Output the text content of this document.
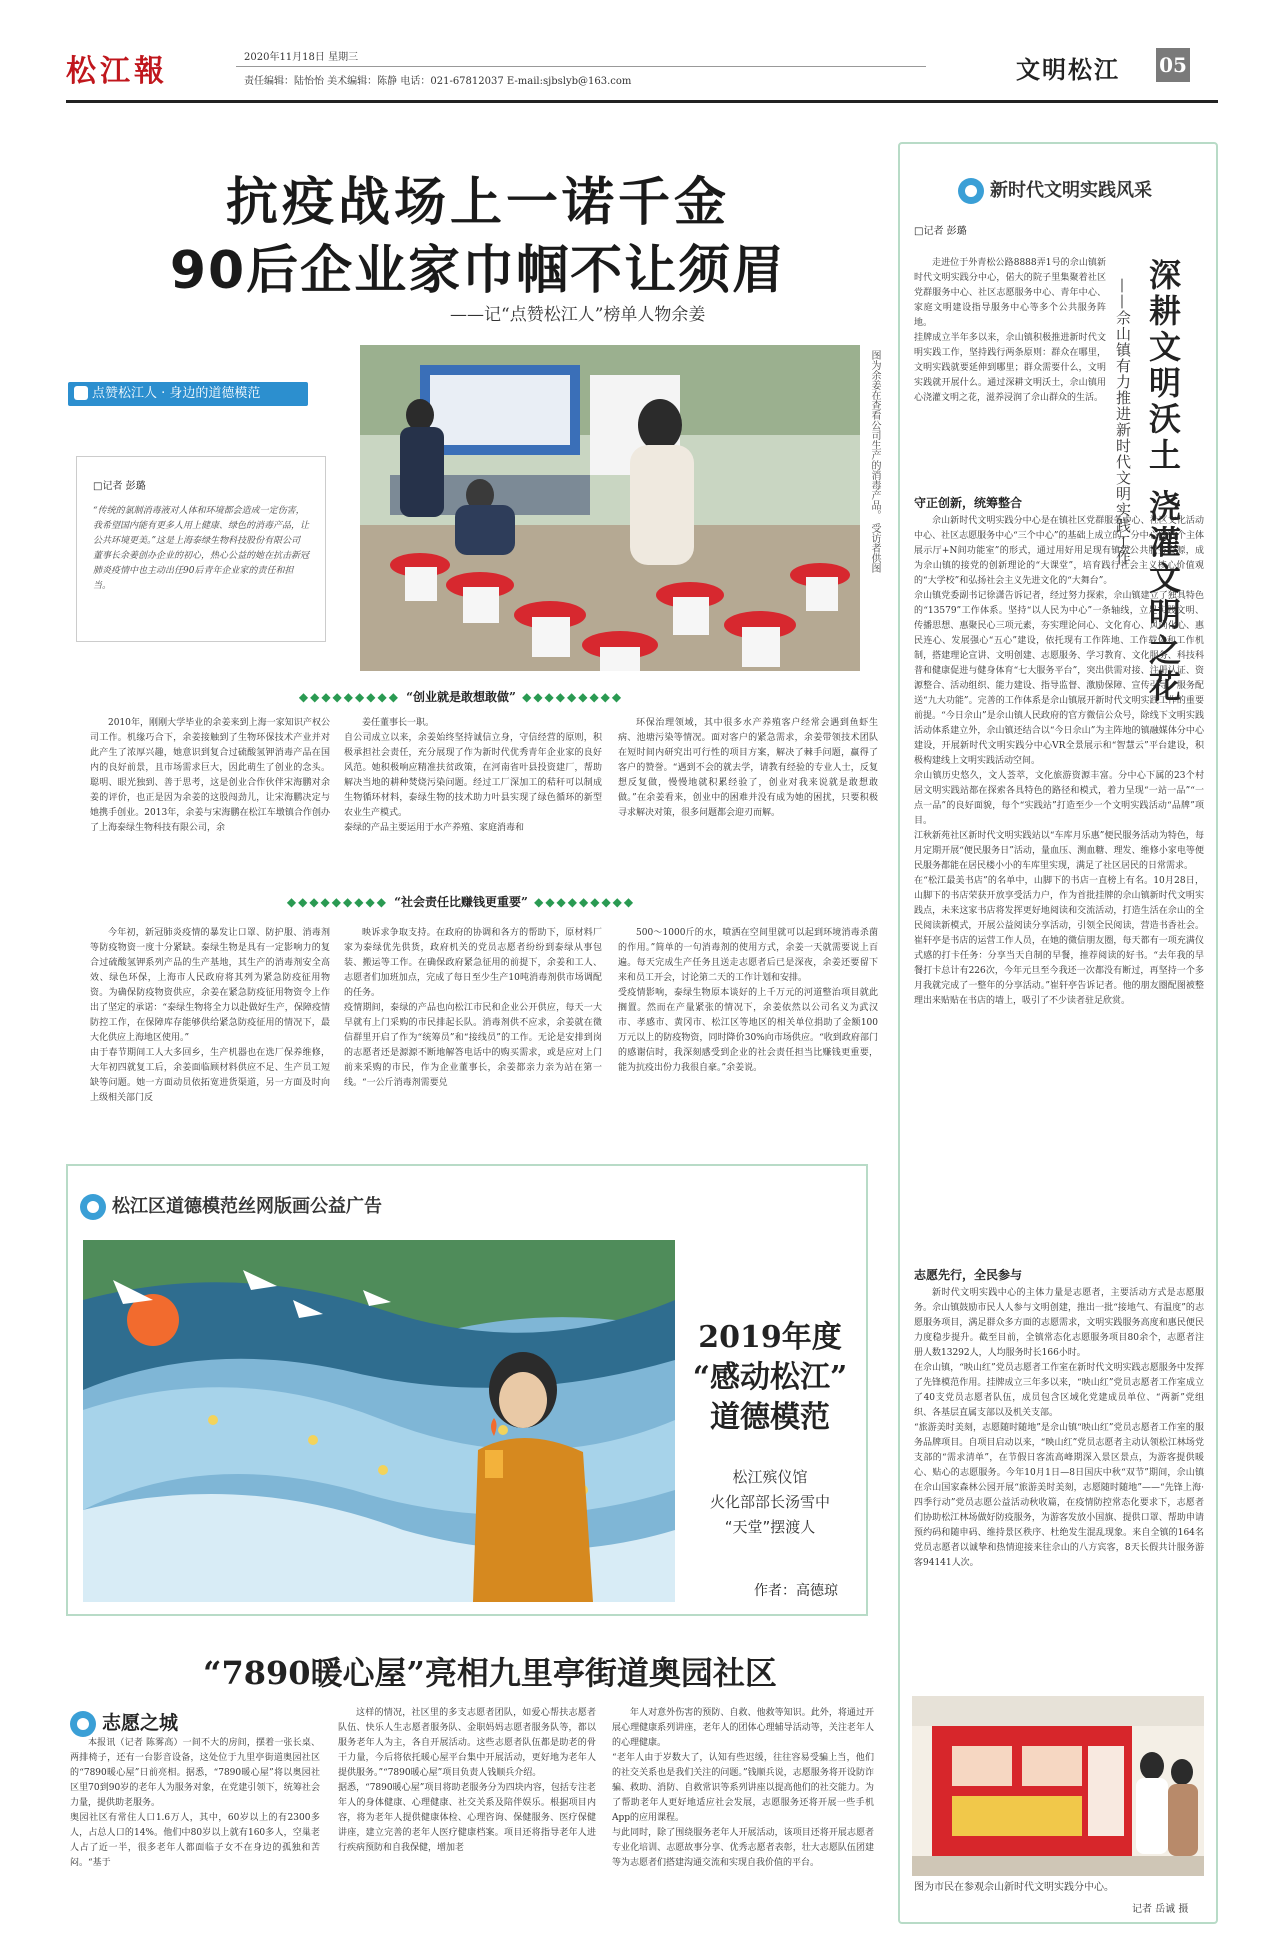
松江報	2020年11月18日 星期三
责任编辑：陆怡怡 美术编辑：陈静 电话：021-67812037 E-mail:sjbslyb@163.com	文明松江 05
抗疫战场上一诺千金
90后企业家巾帼不让须眉
——记“点赞松江人”榜单人物余姜
点赞松江人 · 身边的道德模范
□记者 彭璐
“传统的氯制消毒液对人体和环境都会造成一定伤害，我希望国内能有更多人用上健康、绿色的消毒产品，让公共环境更美。”这是上海泰绿生物科技股份有限公司董事长余姜创办企业的初心，热心公益的她在抗击新冠肺炎疫情中也主动出任90后青年企业家的责任和担当。
图为余姜在查看公司生产的消毒产品。 受访者供图
◆◆◆◆◆◆◆◆◆ “创业就是敢想敢做” ◆◆◆◆◆◆◆◆◆
2010年，刚刚大学毕业的余姜来到上海一家知识产权公司工作。机缘巧合下，余姜接触到了生物环保技术产业并对此产生了浓厚兴趣，她意识到复合过硫酸氢钾消毒产品在国内的良好前景，且市场需求巨大，因此萌生了创业的念头。聪明、眼光独到、善于思考，这是创业合作伙伴宋海鹏对余姜的评价，也正是因为余姜的这股闯劲儿，让宋海鹏决定与她携手创业。2013年，余姜与宋海鹏在松江车墩镇合作创办了上海泰绿生物科技有限公司，余
姜任董事长一职。
自公司成立以来，余姜始终坚持诚信立身，守信经营的原则，积极承担社会责任，充分展现了作为新时代优秀青年企业家的良好风范。她积极响应精准扶贫政策，在河南省叶县投资建厂，帮助解决当地的耕种焚烧污染问题。经过工厂深加工的秸秆可以制成生物循环材料，泰绿生物的技术助力叶县实现了绿色循环的新型农业生产模式。
泰绿的产品主要运用于水产养殖、家庭消毒和
环保治理领域，其中很多水产养殖客户经常会遇到鱼虾生病、池塘污染等情况。面对客户的紧急需求，余姜带领技术团队在短时间内研究出可行性的项目方案，解决了棘手问题，赢得了客户的赞誉。“遇到不会的就去学，请教有经验的专业人士，反复想反复做，慢慢地就积累经验了，创业对我来说就是敢想敢做。”在余姜看来，创业中的困难并没有成为她的困扰，只要积极寻求解决对策，很多问题都会迎刃而解。
◆◆◆◆◆◆◆◆◆ “社会责任比赚钱更重要” ◆◆◆◆◆◆◆◆◆
今年初，新冠肺炎疫情的暴发让口罩、防护服、消毒剂等防疫物资一度十分紧缺。泰绿生物是具有一定影响力的复合过硫酸氢钾系列产品的生产基地，其生产的消毒剂安全高效、绿色环保，上海市人民政府将其列为紧急防疫征用物资。为确保防疫物资供应，余姜在紧急防疫征用物资令上作出了坚定的承诺：“泰绿生物将全力以赴做好生产，保障疫情防控工作，在保障库存能够供给紧急防疫征用的情况下，最大化供应上海地区使用。”
由于春节期间工人大多回乡，生产机器也在选厂保养维修，大年初四就复工后，余姜面临顾材料供应不足、生产员工短缺等问题。她一方面动员依拓宽进货渠道，另一方面及时向上级相关部门反
映诉求争取支持。在政府的协调和各方的帮助下，原材料厂家为泰绿优先供货，政府机关的党员志愿者纷纷到泰绿从事包装、搬运等工作。在确保政府紧急征用的前提下，余姜和工人、志愿者们加班加点，完成了每日至少生产10吨消毒剂供市场调配的任务。
疫情期间，泰绿的产品也向松江市民和企业公开供应，每天一大早就有上门采购的市民排起长队。消毒剂供不应求，余姜就在微信群里开启了作为“统筹员”和“接线员”的工作。无论是安排到岗的志愿者还是源源不断地解答电话中的购买需求，或是应对上门前来采购的市民，作为企业董事长，余姜都亲力亲为站在第一线。“一公斤消毒剂需要兑
500～1000斤的水，喷洒在空间里就可以起到环境消毒杀菌的作用。”简单的一句消毒剂的使用方式，余姜一天就需要说上百遍。每天完成生产任务且送走志愿者后已是深夜，余姜还要留下来和员工开会，讨论第二天的工作计划和安排。
受疫情影响，泰绿生物原本谈好的上千万元的河道整治项目就此搁置。然而在产量紧张的情况下，余姜依然以公司名义为武汉市、孝感市、黄冈市、松江区等地区的相关单位捐助了金额100万元以上的防疫物资，同时降价30%向市场供应。“收到政府部门的感谢信时，我深刻感受到企业的社会责任担当比赚钱更重要，能为抗疫出份力我很自豪。”余姜说。
松江区道德模范丝网版画公益广告
2019年度
“感动松江”
道德模范
松江殡仪馆
火化部部长汤雪中
“天堂”摆渡人
作者：高德琼
“7890暖心屋”亮相九里亭街道奥园社区
志愿之城
本报讯（记者 陈雾高）一间不大的房间，摆着一张长桌、两排椅子，还有一台影音设备，这处位于九里亭街道奥园社区的“7890暖心屋”日前亮相。据悉，“7890暖心屋”将以奥园社区里70到90岁的老年人为服务对象，在党建引领下，统筹社会力量，提供助老服务。
奥园社区有常住人口1.6万人，其中，60岁以上的有2300多人，占总人口的14%。他们中80岁以上就有160多人，空巢老人占了近一半，很多老年人都面临子女不在身边的孤独和苦闷。“基于
这样的情况，社区里的多支志愿者团队，如爱心帮扶志愿者队伍、快乐人生志愿者服务队、金职妈妈志愿者服务队等，都以服务老年人为主，各自开展活动。这些志愿者队伍都是助老的骨干力量，今后将依托暖心屋平台集中开展活动，更好地为老年人提供服务。”“7890暖心屋”项目负责人钱顺兵介绍。
据悉，“7890暖心屋”项目将助老服务分为四块内容，包括专注老年人的身体健康、心理健康、社交关系及陪伴娱乐。根据项目内容，将为老年人提供健康体检、心理咨询、保健服务、医疗保健讲座，建立完善的老年人医疗健康档案。项目还将指导老年人进行疾病预防和自我保健，增加老
年人对意外伤害的预防、自救、他救等知识。此外，将通过开展心理健康系列讲座，老年人的团体心理辅导活动等，关注老年人的心理健康。
“老年人由于岁数大了，认知有些迟缓，往往容易受骗上当，他们的社交关系也是我们关注的问题。”钱顺兵说，志愿服务将开设防诈骗、救助、消防、自救常识等系列讲座以提高他们的社交能力。为了帮助老年人更好地适应社会发展，志愿服务还将开展一些手机App的应用课程。
与此同时，除了围绕服务老年人开展活动，该项目还将开展志愿者专业化培训、志愿故事分享、优秀志愿者表彰，壮大志愿队伍团建等为志愿者们搭建沟通交流和实现自我价值的平台。
新时代文明实践风采
□记者 彭璐
深耕文明沃土 浇灌文明之花
——佘山镇有力推进新时代文明实践工作
走进位于外青松公路8888弄1号的佘山镇新时代文明实践分中心，偌大的院子里集聚着社区党群服务中心、社区志愿服务中心、青年中心、家庭文明建设指导服务中心等多个公共服务阵地。
挂牌成立半年多以来，佘山镇积极推进新时代文明实践工作，坚持践行两条原则：群众在哪里，文明实践就要延伸到哪里；群众需要什么，文明实践就开展什么。通过深耕文明沃土，佘山镇用心浇灌文明之花，滋养浸润了佘山群众的生活。
守正创新，统筹整合
佘山新时代文明实践分中心是在镇社区党群服务中心、社区文化活动中心、社区志愿服务中心“三个中心”的基础上成立的。分中心以“1个主体展示厅+N间功能室”的形式，通过用好用足现有镇级公共服务资源，成为佘山镇的接党的创新理论的“大课堂”，培育践行社会主义核心价值观的“大学校”和弘扬社会主义先进文化的“大舞台”。
佘山镇党委副书记徐潇告诉记者，经过努力探索，佘山镇建立了独具特色的“13579”工作体系。坚持“以人民为中心”一条轴线，立足实践文明、传播思想、惠聚民心三项元素，夯实理论问心、文化育心、风尚化心、惠民连心、发展强心“五心”建设，依托现有工作阵地、工作载体和工作机制，搭建理论宣讲、文明创建、志愿服务、学习教育、文化服务、科技科普和健康促进与健身体育“七大服务平台”，突出供需对接、注册认证、资源整合、活动组织、能力建设、指导监督、激励保障、宣传引导、服务配送“九大功能”。完善的工作体系是佘山镇展开新时代文明实践工作的重要前提。“今日佘山”是佘山镇人民政府的官方微信公众号，除线下文明实践活动体系建立外，佘山镇还结合以“今日佘山”为主阵地的镇融媒体分中心建设，开展新时代文明实践分中心VR全景展示和“智慧云”平台建设，积极构建线上文明实践活动空间。
佘山镇历史悠久，文人荟萃，文化旅游资源丰富。分中心下属的23个村居文明实践站都在探索各具特色的路径和模式，着力呈现“一站一品”“一点一品”的良好面貌，每个“实践站”打造至少一个文明实践活动“品牌”项目。
江秋新苑社区新时代文明实践站以“车库月乐惠”便民服务活动为特色，每月定期开展“便民服务日”活动，量血压、测血糖、理发、维修小家电等便民服务都能在居民楼小小的车库里实现，满足了社区居民的日常需求。
在“松江最美书店”的名单中，山脚下的书店一直榜上有名。10月28日，山脚下的书店荣获开放享受活力户，作为首批挂牌的佘山镇新时代文明实践点，未来这家书店将发挥更好地阅读和交流活动，打造生活在佘山的全民阅读新模式，开展公益阅读分享活动，引领全民阅读，营造书香社会。崔轩亭是书店的运营工作人员，在她的微信朋友圈，每天都有一项充满仪式感的打卡任务：分享当天自制的早餐，推荐阅读的好书。“去年我的早餐打卡总计有226次，今年元旦至今我还一次都没有断过，再坚持一个多月我就完成了一整年的分享活动。”崔轩亭告诉记者。他的朋友圈配图被整理出来贴贴在书店的墙上，吸引了不少读者驻足欣赏。
志愿先行，全民参与
新时代文明实践中心的主体力量是志愿者，主要活动方式是志愿服务。佘山镇鼓励市民人人参与文明创建，推出一批“接地气、有温度”的志愿服务项目，满足群众多方面的志愿需求，文明实践服务高度和惠民便民力度稳步提升。截至目前，全镇常态化志愿服务项目80余个，志愿者注册人数13292人，人均服务时长166小时。
在佘山镇，“映山红”党员志愿者工作室在新时代文明实践志愿服务中发挥了先锋模范作用。挂牌成立三年多以来，“映山红”党员志愿者工作室成立了40支党员志愿者队伍，成员包含区域化党建成员单位、“两新”党组织、各基层直属支部以及机关支部。
“旅游美时美刻，志愿随时随地”是佘山镇“映山红”党员志愿者工作室的服务品牌项目。自项目启动以来，“映山红”党员志愿者主动认领松江林场党支部的“需求清单”，在节假日客流高峰期深入景区景点，为游客提供暖心、贴心的志愿服务。今年10月1日—8日国庆中秋“双节”期间，佘山镇在佘山国家森林公园开展“旅游美时美刻，志愿随时随地”——“先锋上海·四季行动”党员志愿公益活动秋收篇，在疫情防控常态化要求下，志愿者们协助松江林场做好防疫服务，为游客发放小国旗、提供口罩、帮助申请预约码和随申码、维持景区秩序、杜绝发生混乱现象。来自全镇的164名党员志愿者以诚挚和热情迎接来往佘山的八方宾客，8天长假共计服务游客94141人次。
图为市民在参观佘山新时代文明实践分中心。
记者 岳诚 摄
